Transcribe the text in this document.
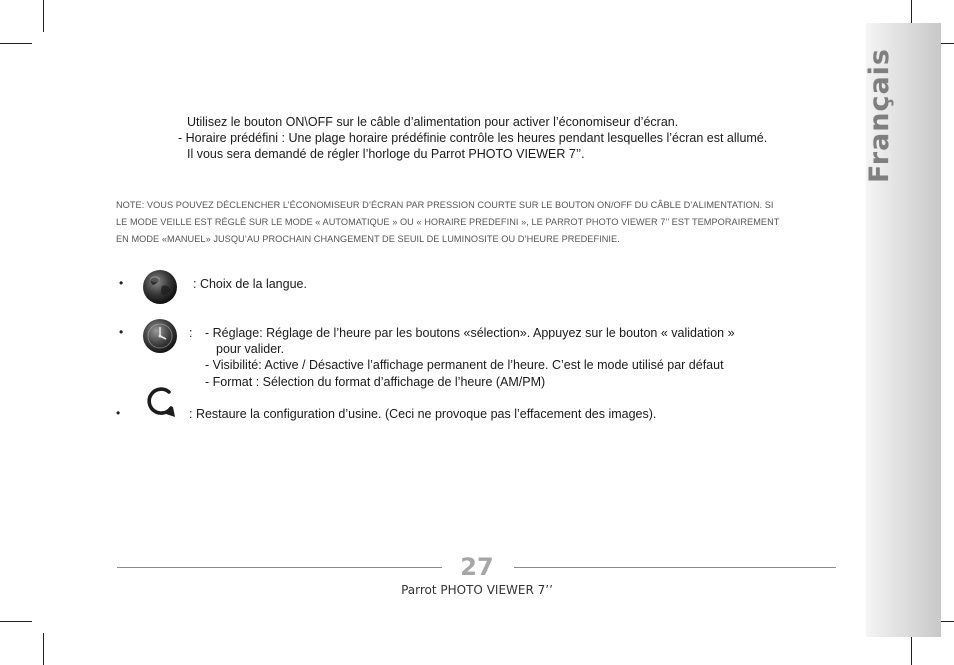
Français
Utilisez le bouton ON\OFF sur le câble d’alimentation pour activer l’économiseur d’écran.
- Horaire prédéfini : Une plage horaire prédéfinie contrôle les heures pendant lesquelles l’écran est allumé.
Il vous sera demandé de régler l’horloge du Parrot PHOTO VIEWER 7’’.
NOTE: VOUS POUVEZ DÉCLENCHER L’ÉCONOMISEUR D’ÉCRAN PAR PRESSION COURTE SUR LE BOUTON ON/OFF DU CÂBLE D’ALIMENTATION. SI
LE MODE VEILLE EST RÉGLÉ SUR LE MODE « AUTOMATIQUE » OU « HORAIRE PREDEFINI », LE PARROT PHOTO VIEWER 7’’ EST TEMPORAIREMENT
EN MODE «MANUEL» JUSQU’AU PROCHAIN CHANGEMENT DE SEUIL DE LUMINOSITE OU D’HEURE PREDEFINIE.
•	: Choix de la langue.
•	: - Réglage: Réglage de l’heure par les boutons «sélection». Appuyez sur le bouton « validation »
pour valider.
- Visibilité: Active / Désactive l’affichage permanent de l’heure. C’est le mode utilisé par défaut
- Format : Sélection du format d’affichage de l’heure (AM/PM)
•	: Restaure la configuration d’usine. (Ceci ne provoque pas l’effacement des images).
27
Parrot PHOTO VIEWER 7’’
